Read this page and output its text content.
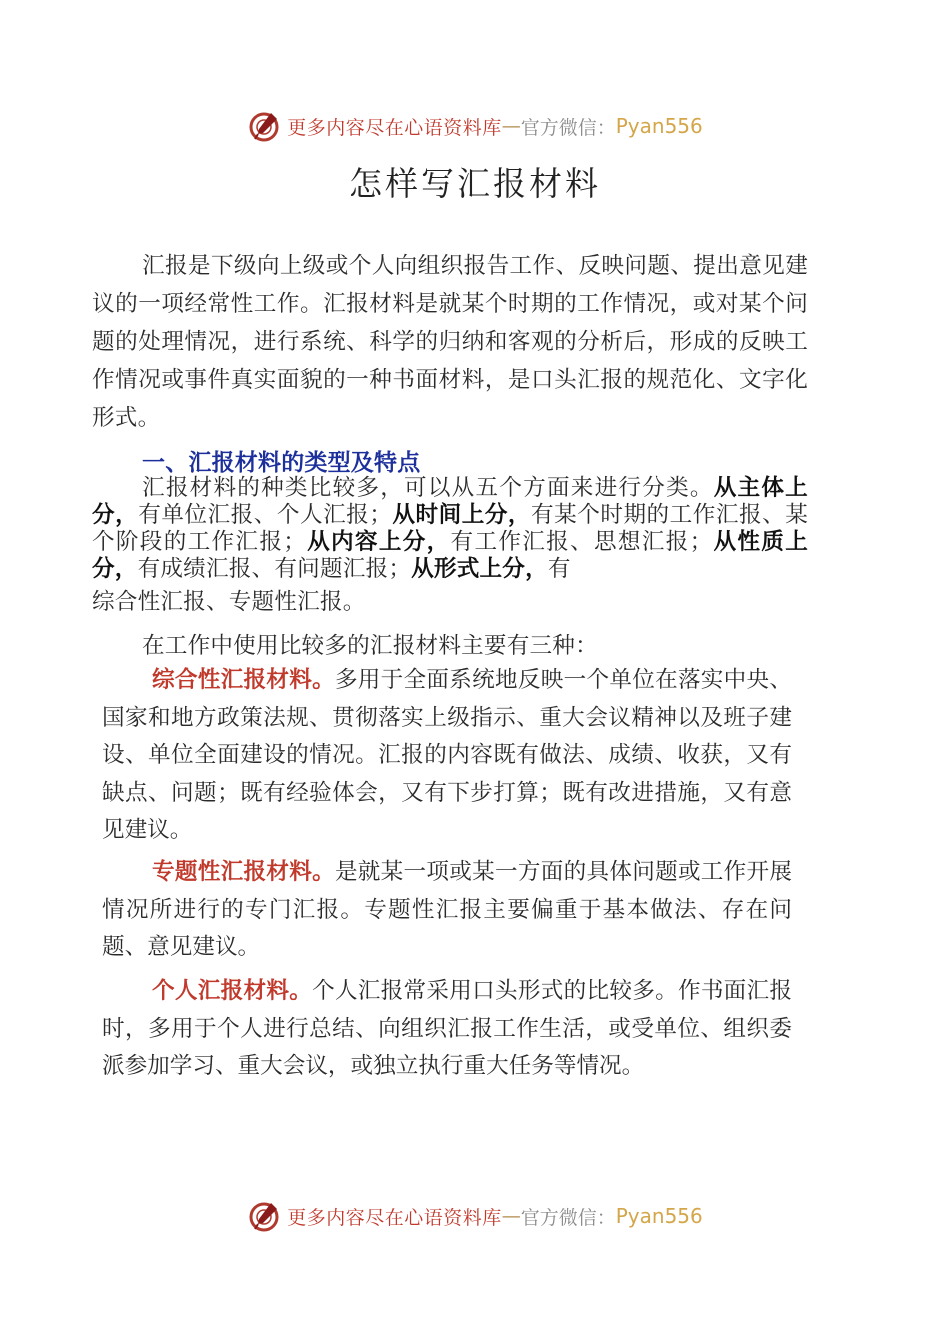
更多内容尽在心语资料库 — 官方微信： Pyan556
怎样写汇报材料
汇报是下级向上级或个人向组织报告工作、反映问题、提出意见建议的一项经常性工作。汇报材料是就某个时期的工作情况，或对某个问题的处理情况，进行系统、科学的归纳和客观的分析后，形成的反映工作情况或事件真实面貌的一种书面材料，是口头汇报的规范化、文字化形式。
一、汇报材料的类型及特点
汇报材料的种类比较多，可以从五个方面来进行分类。从主体上分，有单位汇报、个人汇报；从时间上分，有某个时期的工作汇报、某个阶段的工作汇报；从内容上分，有工作汇报、思想汇报；从性质上分，有成绩汇报、有问题汇报；从形式上分，有
综合性汇报、专题性汇报。
在工作中使用比较多的汇报材料主要有三种：
综合性汇报材料。多用于全面系统地反映一个单位在落实中央、国家和地方政策法规、贯彻落实上级指示、重大会议精神以及班子建设、单位全面建设的情况。汇报的内容既有做法、成绩、收获，又有缺点、问题；既有经验体会，又有下步打算；既有改进措施，又有意见建议。
专题性汇报材料。是就某一项或某一方面的具体问题或工作开展情况所进行的专门汇报。专题性汇报主要偏重于基本做法、存在问题、意见建议。
个人汇报材料。个人汇报常采用口头形式的比较多。作书面汇报时，多用于个人进行总结、向组织汇报工作生活，或受单位、组织委派参加学习、重大会议，或独立执行重大任务等情况。
更多内容尽在心语资料库 — 官方微信： Pyan556
